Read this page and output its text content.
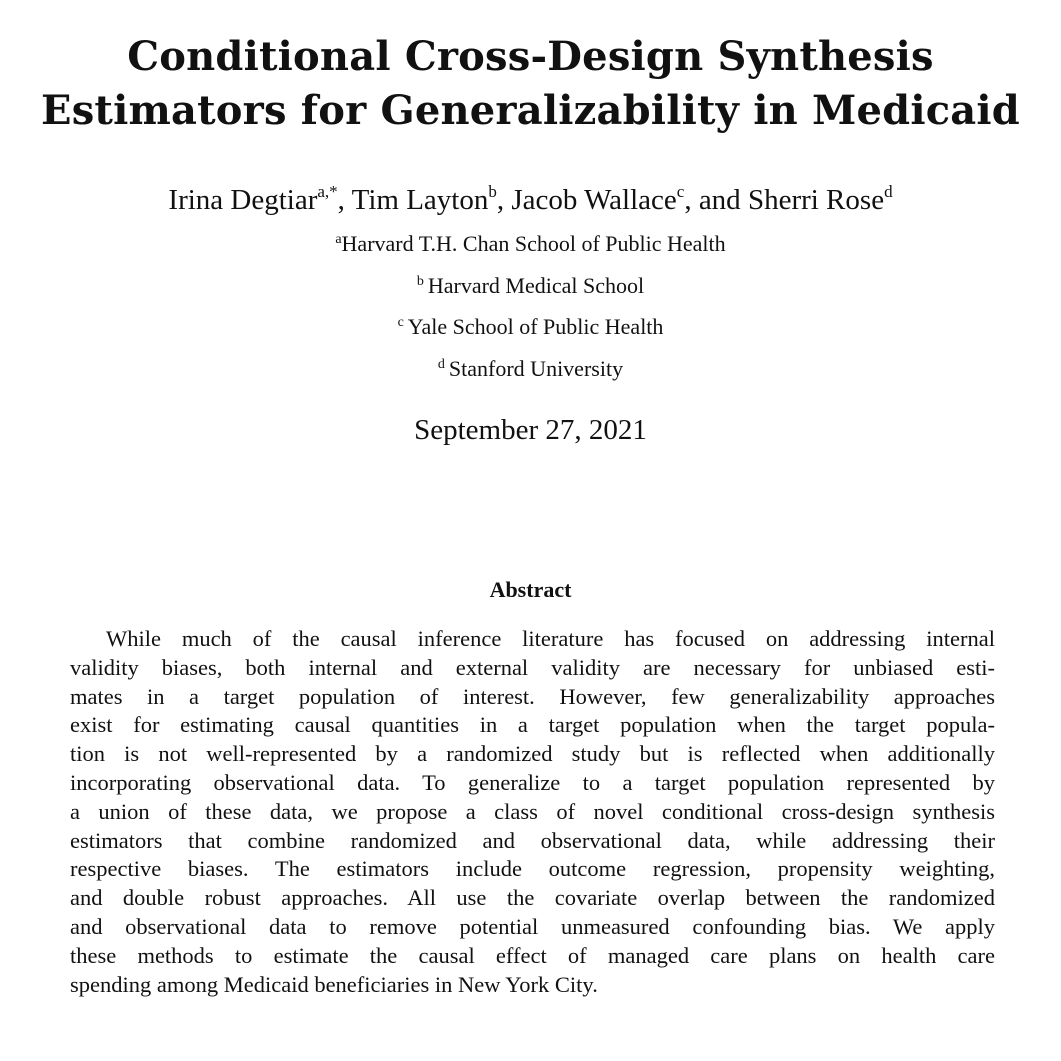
Conditional Cross-Design Synthesis
Estimators for Generalizability in Medicaid
Irina Degtiar$^{a,*}$, Tim Layton$^b$, Jacob Wallace$^c$, and Sherri Rose$^d$
$^a$Harvard T.H. Chan School of Public Health
$^b$ Harvard Medical School
$^c$ Yale School of Public Health
$^d$ Stanford University
September 27, 2021
Abstract
While much of the causal inference literature has focused on addressing internal
validity biases, both internal and external validity are necessary for unbiased esti-
mates in a target population of interest. However, few generalizability approaches
exist for estimating causal quantities in a target population when the target popula-
tion is not well-represented by a randomized study but is reflected when additionally
incorporating observational data. To generalize to a target population represented by
a union of these data, we propose a class of novel conditional cross-design synthesis
estimators that combine randomized and observational data, while addressing their
respective biases. The estimators include outcome regression, propensity weighting,
and double robust approaches. All use the covariate overlap between the randomized
and observational data to remove potential unmeasured confounding bias. We apply
these methods to estimate the causal effect of managed care plans on health care
spending among Medicaid beneficiaries in New York City.
